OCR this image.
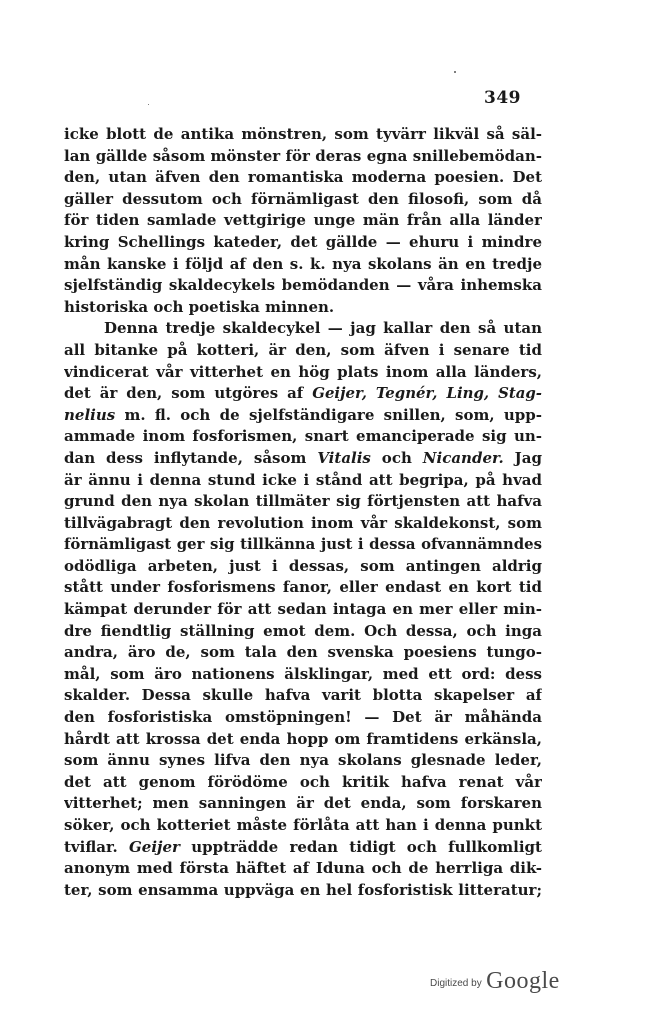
349
icke blott de antika mönstren, som tyvärr likväl så säl-
lan gällde såsom mönster för deras egna snillebemödan-
den, utan äfven den romantiska moderna poesien. Det
gäller dessutom och förnämligast den filosofi, som då
för tiden samlade vettgirige unge män från alla länder
kring Schellings kateder, det gällde — ehuru i mindre
mån kanske i följd af den s. k. nya skolans än en tredje
sjelfständig skaldecykels bemödanden — våra inhemska
historiska och poetiska minnen.
Denna tredje skaldecykel — jag kallar den så utan
all bitanke på kotteri, är den, som äfven i senare tid
vindicerat vår vitterhet en hög plats inom alla länders,
det är den, som utgöres af Geijer, Tegnér, Ling, Stag-
nelius m. fl. och de sjelfständigare snillen, som, upp-
ammade inom fosforismen, snart emanciperade sig un-
dan dess inflytande, såsom Vitalis och Nicander. Jag
är ännu i denna stund icke i stånd att begripa, på hvad
grund den nya skolan tillmäter sig förtjensten att hafva
tillvägabragt den revolution inom vår skaldekonst, som
förnämligast ger sig tillkänna just i dessa ofvannämndes
odödliga arbeten, just i dessas, som antingen aldrig
stått under fosforismens fanor, eller endast en kort tid
kämpat derunder för att sedan intaga en mer eller min-
dre fiendtlig ställning emot dem. Och dessa, och inga
andra, äro de, som tala den svenska poesiens tungo-
mål, som äro nationens älsklingar, med ett ord: dess
skalder. Dessa skulle hafva varit blotta skapelser af
den fosforistiska omstöpningen! — Det är måhända
hårdt att krossa det enda hopp om framtidens erkänsla,
som ännu synes lifva den nya skolans glesnade leder,
det att genom förödöme och kritik hafva renat vår
vitterhet; men sanningen är det enda, som forskaren
söker, och kotteriet måste förlåta att han i denna punkt
tviflar. Geijer uppträdde redan tidigt och fullkomligt
anonym med första häftet af Iduna och de herrliga dik-
ter, som ensamma uppväga en hel fosforistisk litteratur;
Digitized by Google
